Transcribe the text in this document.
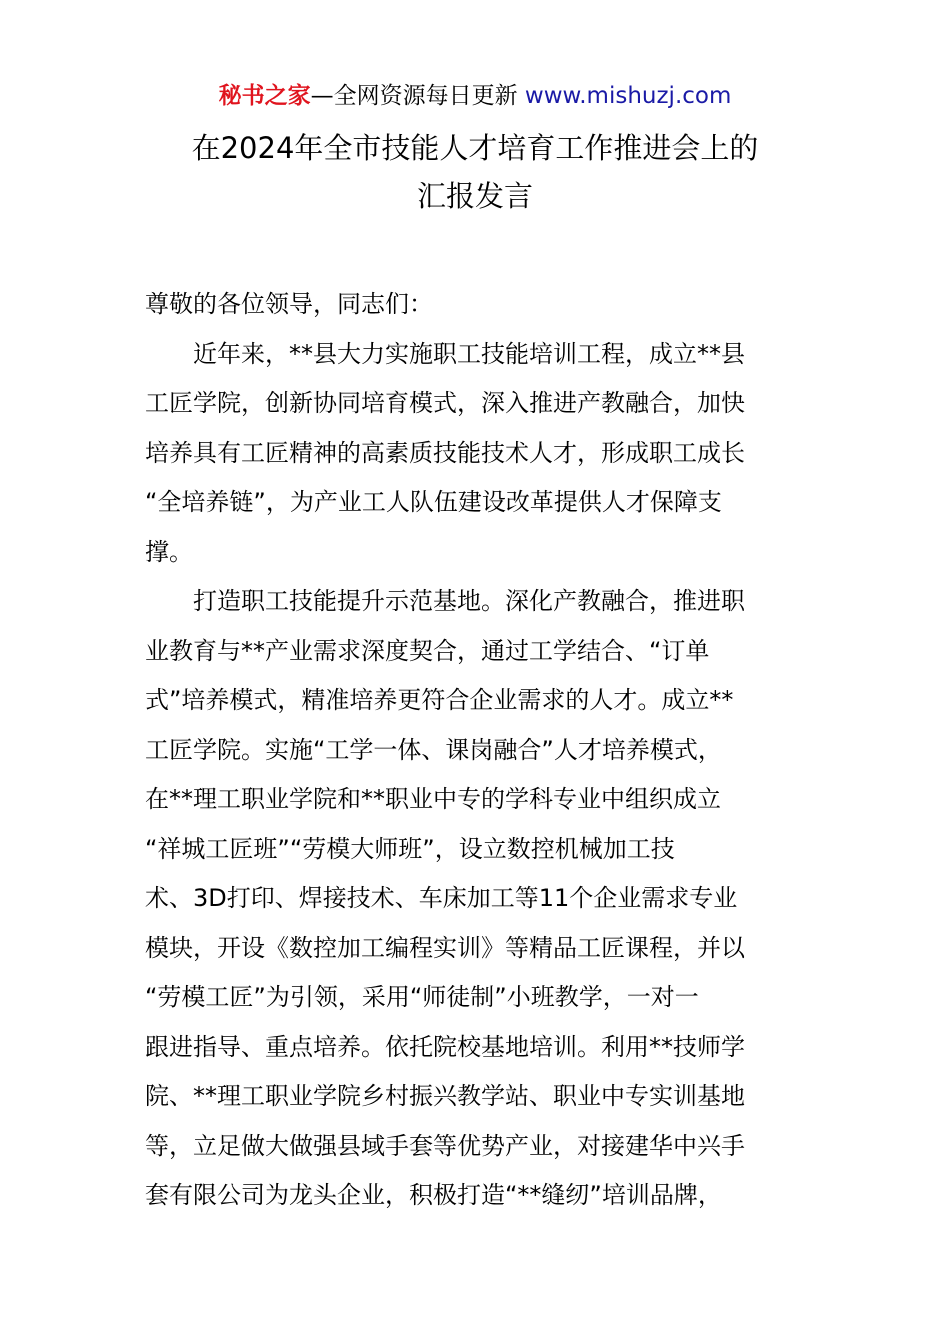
秘书之家—全网资源每日更新 www.mishuzj.com
在2024年全市技能人才培育工作推进会上的
汇报发言
尊敬的各位领导，同志们：
　　近年来，**县大力实施职工技能培训工程，成立**县
工匠学院，创新协同培育模式，深入推进产教融合，加快
培养具有工匠精神的高素质技能技术人才，形成职工成长
“全培养链”，为产业工人队伍建设改革提供人才保障支
撑。
　　打造职工技能提升示范基地。深化产教融合，推进职
业教育与**产业需求深度契合，通过工学结合、“订单
式”培养模式，精准培养更符合企业需求的人才。成立**
工匠学院。实施“工学一体、课岗融合”人才培养模式，
在**理工职业学院和**职业中专的学科专业中组织成立
“祥城工匠班”“劳模大师班”，设立数控机械加工技
术、3D打印、焊接技术、车床加工等11个企业需求专业
模块，开设《数控加工编程实训》等精品工匠课程，并以
“劳模工匠”为引领，采用“师徒制”小班教学，一对一
跟进指导、重点培养。依托院校基地培训。利用**技师学
院、**理工职业学院乡村振兴教学站、职业中专实训基地
等，立足做大做强县域手套等优势产业，对接建华中兴手
套有限公司为龙头企业，积极打造“**缝纫”培训品牌，
